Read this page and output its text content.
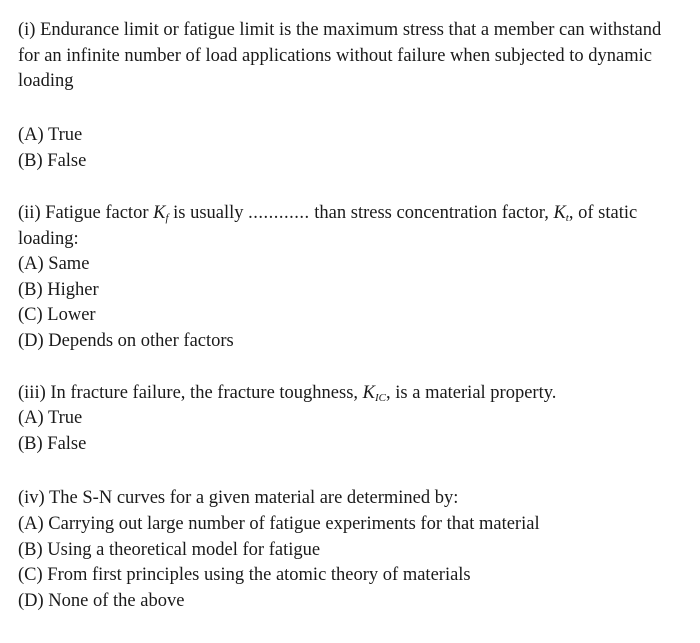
(i) Endurance limit or fatigue limit is the maximum stress that a member can withstand
for an infinite number of load applications without failure when subjected to dynamic
loading
(A) True
(B) False
(ii) Fatigue factor $K_f$ is usually ............ than stress concentration factor, $K_t$, of static
loading:
(A) Same
(B) Higher
(C) Lower
(D) Depends on other factors
(iii) In fracture failure, the fracture toughness, $K_{IC}$, is a material property.
(A) True
(B) False
(iv) The S-N curves for a given material are determined by:
(A) Carrying out large number of fatigue experiments for that material
(B) Using a theoretical model for fatigue
(C) From first principles using the atomic theory of materials
(D) None of the above
